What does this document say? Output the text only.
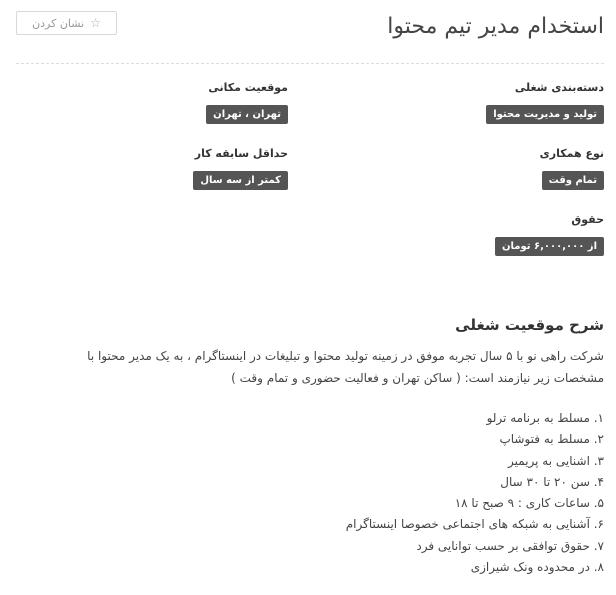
استخدام مدیر تیم محتوا
☆
نشان کردن
دسته‌بندی شغلی
تولید و مدیریت محتوا
موقعیت مکانی
تهران ، تهران
نوع همکاری
تمام وقت
حداقل سابقه کار
کمتر از سه سال
حقوق
از ۶,۰۰۰,۰۰۰ تومان
شرح موقعیت شغلی

شرکت راهی نو با ۵ سال تجربه موفق در زمینه تولید محتوا و تبلیغات در اینستاگرام ، به یک مدیر محتوا با مشخصات زیر نیازمند است: ( ساکن تهران و فعالیت حضوری و تمام وقت )

۱. مسلط به برنامه ترلو
۲. مسلط به فتوشاپ
۳. اشنایی به پریمیر
۴. سن ۲۰ تا ۳۰ سال
۵. ساعات کاری : ۹ صبح تا ۱۸
۶. آشنایی به شبکه های اجتماعی خصوصا اینستاگرام
۷. حقوق توافقی بر حسب توانایی فرد
۸. در محدوده ونک شیرازی
